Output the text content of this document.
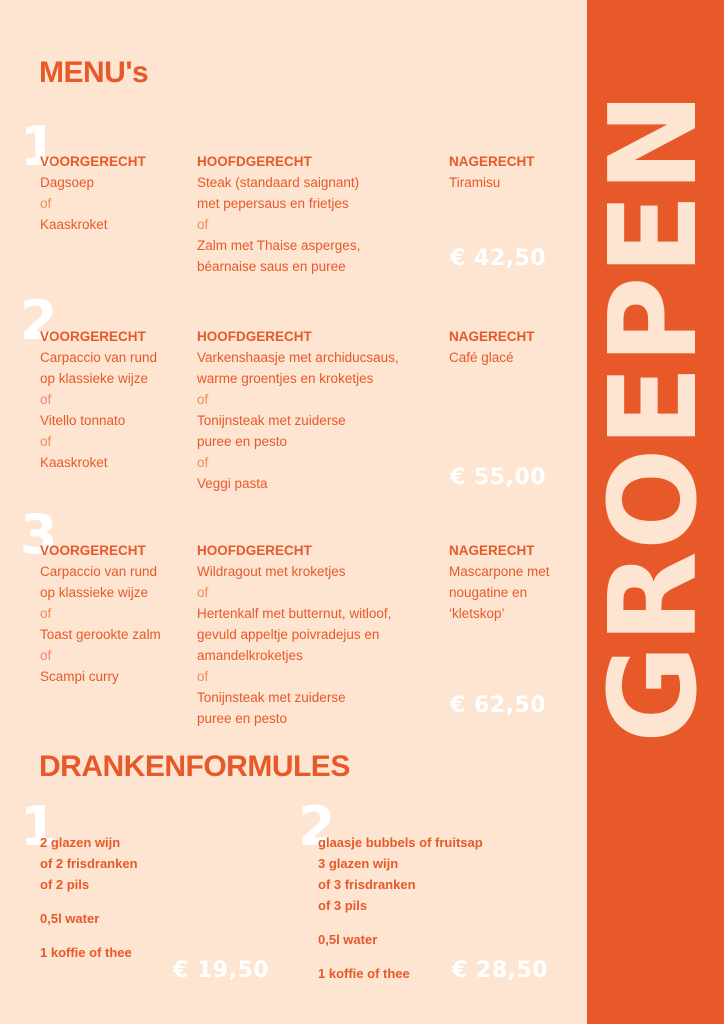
GROEPEN
MENU's
1
VOORGERECHT
Dagsoep
of
Kaaskroket
HOOFDGERECHT
Steak (standaard saignant)
met pepersaus en frietjes
of
Zalm met Thaise asperges,
béarnaise saus en puree
NAGERECHT
Tiramisu
€ 42,50
2
VOORGERECHT
Carpaccio van rund
op klassieke wijze
of
Vitello tonnato
of
Kaaskroket
HOOFDGERECHT
Varkenshaasje met archiducsaus,
warme groentjes en kroketjes
of
Tonijnsteak met zuiderse
puree en pesto
of
Veggi pasta
NAGERECHT
Café glacé
€ 55,00
3
VOORGERECHT
Carpaccio van rund
op klassieke wijze
of
Toast gerookte zalm
of
Scampi curry
HOOFDGERECHT
Wildragout met kroketjes
of
Hertenkalf met butternut, witloof,
gevuld appeltje poivradejus en
amandelkroketjes
of
Tonijnsteak met zuiderse
puree en pesto
NAGERECHT
Mascarpone met
nougatine en
‘kletskop’
€ 62,50
DRANKENFORMULES
1
2 glazen wijn
of 2 frisdranken
of 2 pils
0,5l water
1 koffie of thee
€ 19,50
2
glaasje bubbels of fruitsap
3 glazen wijn
of 3 frisdranken
of 3 pils
0,5l water
1 koffie of thee	€ 28,50
